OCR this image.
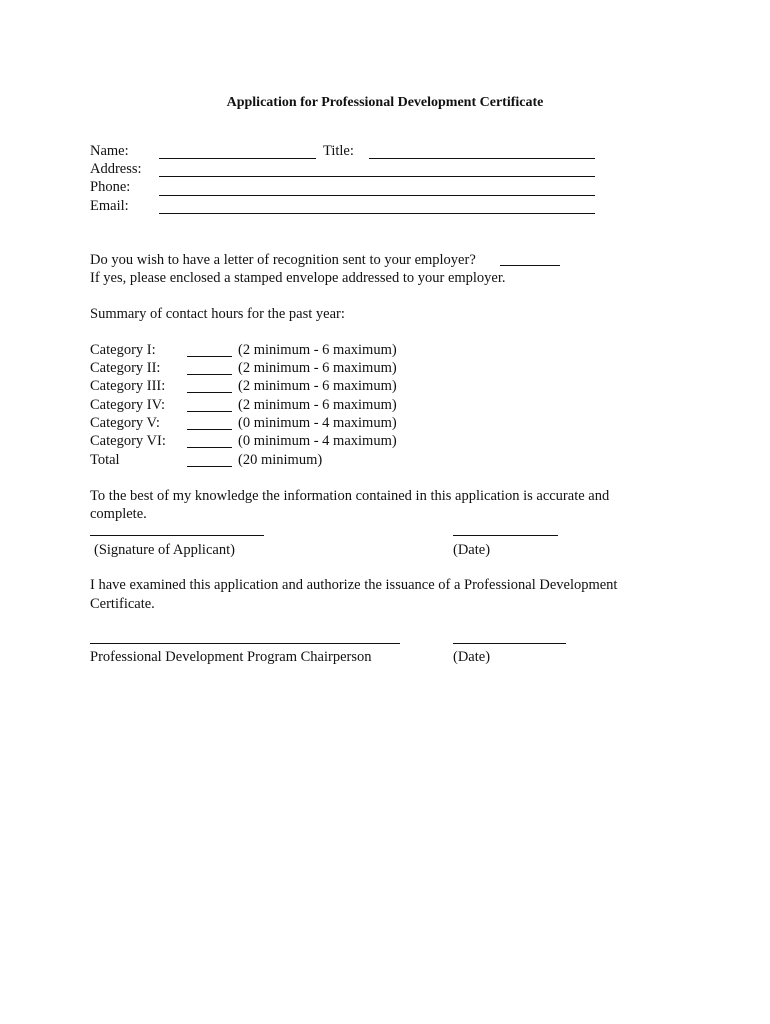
Application for Professional Development Certificate
Name:	Title:
Address:
Phone:
Email:
Do you wish to have a letter of recognition sent to your employer?
If yes, please enclosed a stamped envelope addressed to your employer.
Summary of contact hours for the past year:
Category I:	(2 minimum - 6 maximum)
Category II:	(2 minimum - 6 maximum)
Category III:	(2 minimum - 6 maximum)
Category IV:	(2 minimum - 6 maximum)
Category V:	(0 minimum - 4 maximum)
Category VI:	(0 minimum - 4 maximum)
Total	(20 minimum)
To the best of my knowledge the information contained in this application is accurate and
complete.
(Signature of Applicant)	(Date)
I have examined this application and authorize the issuance of a Professional Development
Certificate.
Professional Development Program Chairperson	(Date)
